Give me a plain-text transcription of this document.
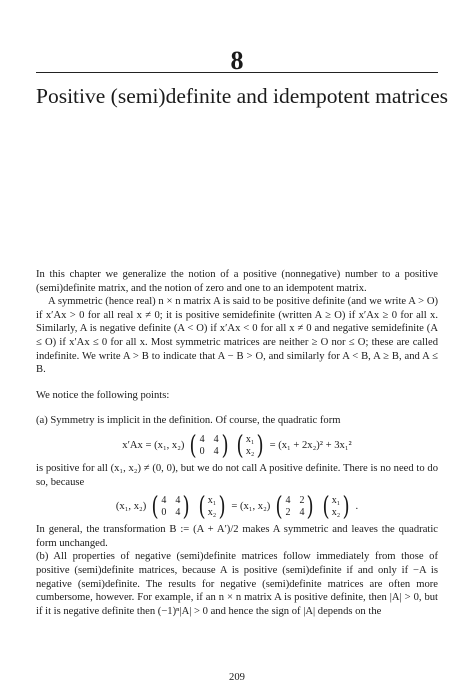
8
Positive (semi)definite and idempotent matrices

In this chapter we generalize the notion of a positive (nonnegative) number to a positive (semi)definite matrix, and the notion of zero and one to an idempotent matrix.

A symmetric (hence real) n × n matrix A is said to be positive definite (and we write A > O) if x′Ax > 0 for all real x ≠ 0; it is positive semidefinite (written A ≥ O) if x′Ax ≥ 0 for all x. Similarly, A is negative definite (A < O) if x′Ax < 0 for all x ≠ 0 and negative semidefinite (A ≤ O) if x′Ax ≤ 0 for all x. Most symmetric matrices are neither ≥ O nor ≤ O; these are called indefinite. We write A > B to indicate that A − B > O, and similarly for A < B, A ≥ B, and A ≤ B.

We notice the following points:

(a) Symmetry is implicit in the definition. Of course, the quadratic form

x′Ax = (x₁, x₂) ( 4 4
0 4 ) ( x₁
x₂ ) = (x₁ + 2x₂)² + 3x₁²

is positive for all (x₁, x₂) ≠ (0, 0), but we do not call A positive definite. There is no need to do so, because

(x₁, x₂) ( 4 4
0 4 ) ( x₁
x₂ ) = (x₁, x₂) ( 4 2
2 4 ) ( x₁
x₂ ) .

In general, the transformation B := (A + A′)/2 makes A symmetric and leaves the quadratic form unchanged.

(b) All properties of negative (semi)definite matrices follow immediately from those of positive (semi)definite matrices, because A is positive (semi)definite if and only if −A is negative (semi)definite. The results for negative (semi)definite matrices are often more cumbersome, however. For example, if an n × n matrix A is positive definite, then |A| > 0, but if it is negative definite then (−1)ⁿ|A| > 0 and hence the sign of |A| depends on the

209
